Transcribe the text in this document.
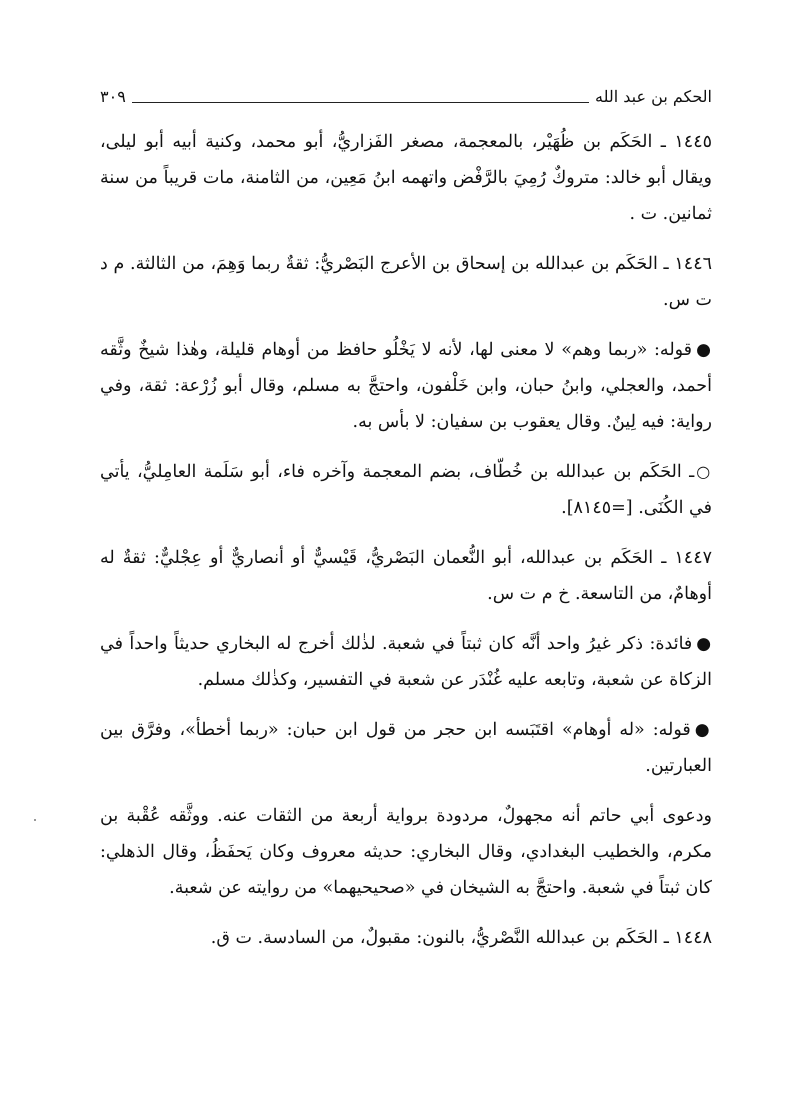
الحكم بن عبد الله
٣٠٩

١٤٤٥ ـ الحَكَم بن ظُهَيْر، بالمعجمة، مصغر الفَزاريُّ، أبو محمد، وكنية أبيه أبو ليلى، ويقال أبو خالد: متروكٌ رُمِيَ بالرَّفْض واتهمه ابنُ مَعِين، من الثامنة، مات قريباً من سنة ثمانين. ت .

١٤٤٦ ـ الحَكَم بن عبدالله بن إسحاق بن الأعرج البَصْريُّ: ثقةٌ ربما وَهِمَ، من الثالثة. م د ت س.

●قوله: «ربما وهم» لا معنى لها، لأنه لا يَخْلُو حافظ من أوهام قليلة، وهٰذا شيخٌ وثَّقه أحمد، والعجلي، وابنُ حبان، وابن خَلْفون، واحتجَّ به مسلم، وقال أبو زُرْعة: ثقة، وفي رواية: فيه لِينٌ. وقال يعقوب بن سفيان: لا بأس به.

○ـ الحَكَم بن عبدالله بن خُطّاف، بضم المعجمة وآخره فاء، أبو سَلَمة العامِليُّ، يأتي في الكُنَى. [=٨١٤٥].

١٤٤٧ ـ الحَكَم بن عبدالله، أبو النُّعمان البَصْريُّ، قَيْسيٌّ أو أنصاريٌّ أو عِجْليٌّ: ثقةٌ له أوهامٌ، من التاسعة. خ م ت س.

●فائدة: ذكر غيرُ واحد أنَّه كان ثبتاً في شعبة. لذٰلك أخرج له البخاري حديثاً واحداً في الزكاة عن شعبة، وتابعه عليه غُنْدَر عن شعبة في التفسير، وكذٰلك مسلم.

●قوله: «له أوهام» اقتَبَسه ابن حجر من قول ابن حبان: «ربما أخطأ»، وفرَّق بين العبارتين.

ودعوى أبي حاتم أنه مجهولٌ، مردودة برواية أربعة من الثقات عنه. ووثَّقه عُقْبة بن مكرم، والخطيب البغدادي، وقال البخاري: حديثه معروف وكان يَحفَظُ، وقال الذهلي: كان ثبتاً في شعبة. واحتجَّ به الشيخان في «صحيحيهما» من روايته عن شعبة.

١٤٤٨ ـ الحَكَم بن عبدالله النَّصْريُّ، بالنون: مقبولٌ، من السادسة. ت ق.
